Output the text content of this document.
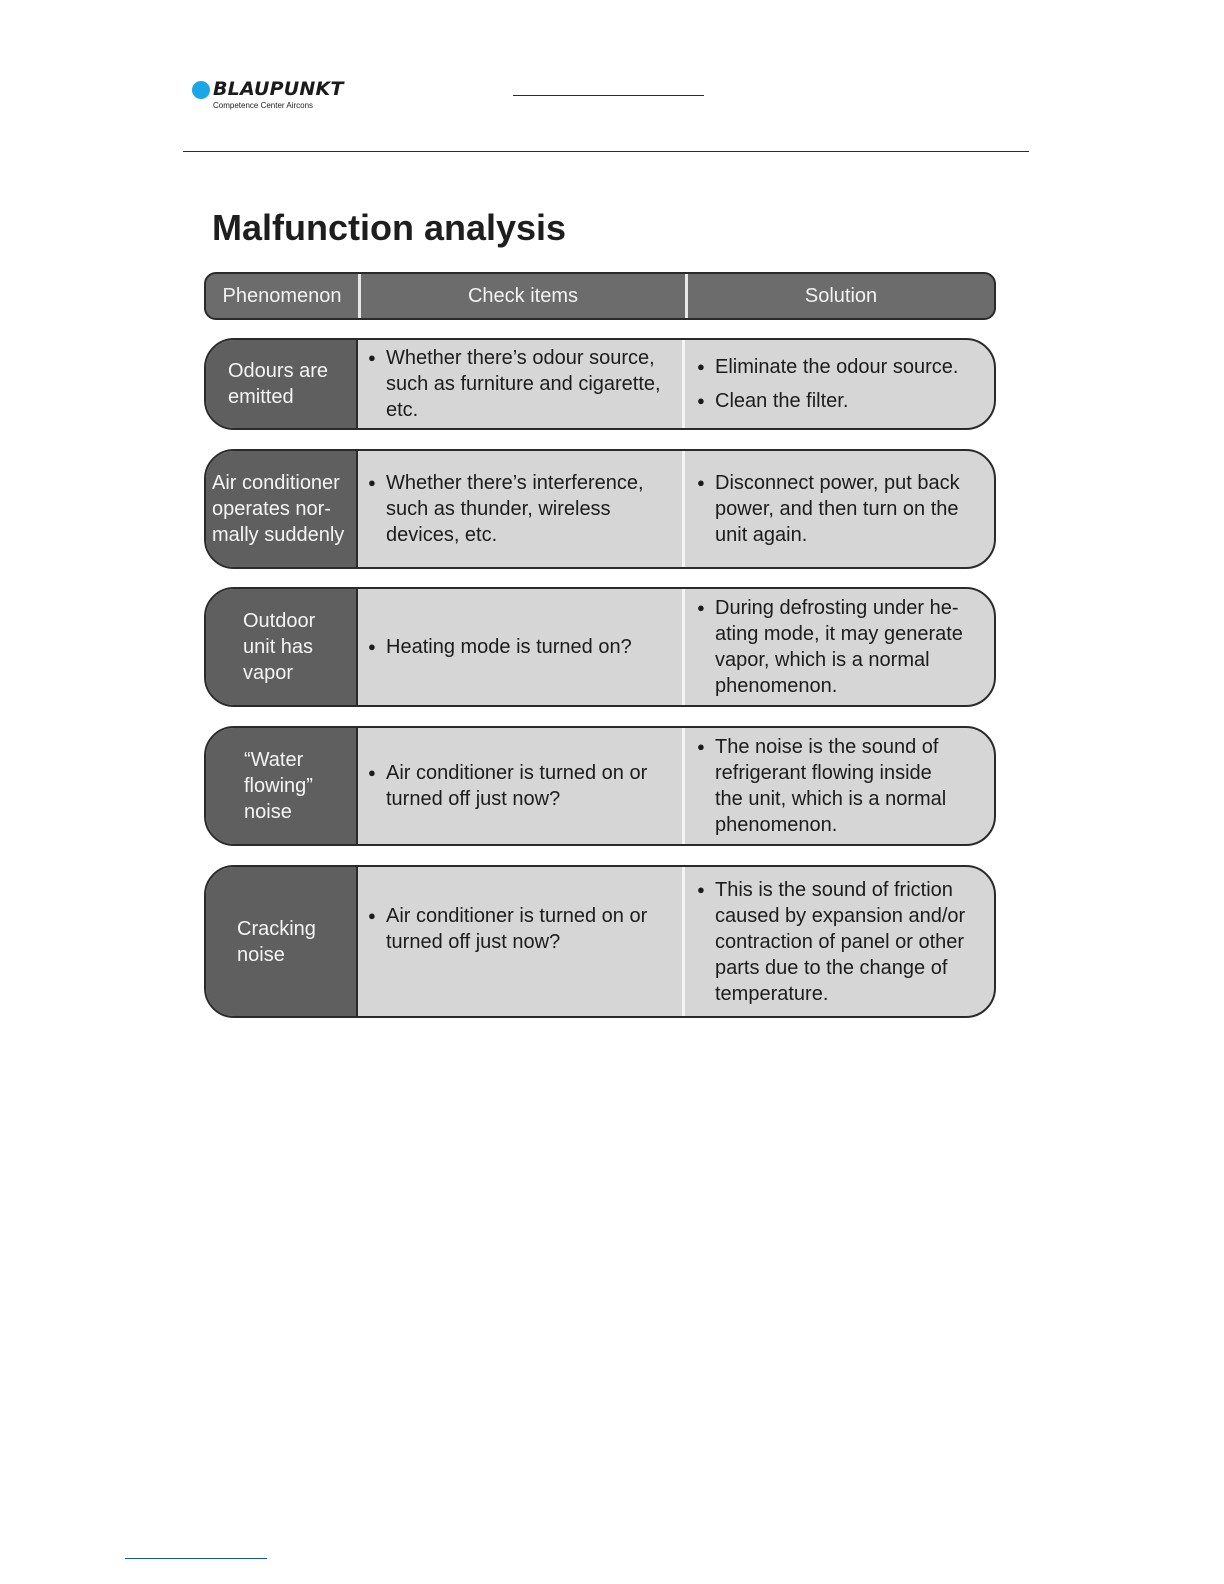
BLAUPUNKT
Competence Center Aircons
Malfunction analysis
Phenomenon	Check items	Solution
Odours are
emitted
● Whether there’s odour source,
such as furniture and cigarette,
etc.
● Eliminate the odour source.
● Clean the filter.
Air conditioner
operates nor-
mally suddenly
● Whether there’s interference,
such as thunder, wireless
devices, etc.
● Disconnect power, put back
power, and then turn on the
unit again.
Outdoor
unit has
vapor
● Heating mode is turned on?
● During defrosting under he-
ating mode, it may generate
vapor, which is a normal
phenomenon.
“Water
flowing”
noise
● Air conditioner is turned on or
turned off just now?
● The noise is the sound of
refrigerant flowing inside
the unit, which is a normal
phenomenon.
Cracking
noise
● Air conditioner is turned on or
turned off just now?
● This is the sound of friction
caused by expansion and/or
contraction of panel or other
parts due to the change of
temperature.
